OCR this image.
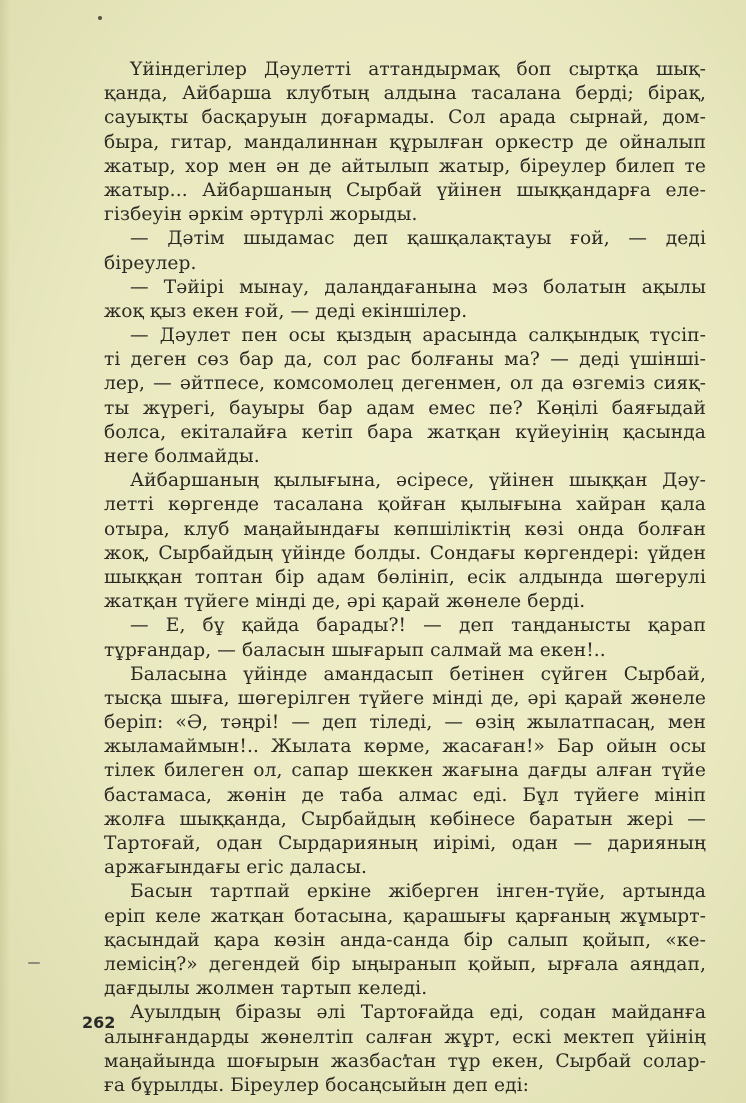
Үйіндегілер Дәулетті аттандырмақ боп сыртқа шық-
қанда, Айбарша клубтың алдына тасалана берді; бірақ,
сауықты басқаруын доғармады. Сол арада сырнай, дом-
быра, гитар, мандалиннан құрылған оркестр де ойналып
жатыр, хор мен ән де айтылып жатыр, біреулер билеп те
жатыр... Айбаршаның Сырбай үйінен шыққандарға еле-
гізбеуін әркім әртүрлі жорыды.
— Дәтім шыдамас деп қашқалақтауы ғой, — деді
біреулер.
— Тәйірі мынау, далаңдағанына мәз болатын ақылы
жоқ қыз екен ғой, — деді екіншілер.
— Дәулет пен осы қыздың арасында салқындық түсіп-
ті деген сөз бар да, сол рас болғаны ма? — деді үшінші-
лер, — әйтпесе, комсомолец дегенмен, ол да өзгеміз сияқ-
ты жүрегі, бауыры бар адам емес пе? Көңілі баяғыдай
болса, екіталайға кетіп бара жатқан күйеуінің қасында
неге болмайды.
Айбаршаның қылығына, әсіресе, үйінен шыққан Дәу-
летті көргенде тасалана қойған қылығына хайран қала
отыра, клуб маңайындағы көпшіліктің көзі онда болған
жоқ, Сырбайдың үйінде болды. Сондағы көргендері: үйден
шыққан топтан бір адам бөлініп, есік алдында шөгерулі
жатқан түйеге мінді де, әрі қарай жөнеле берді.
— Е, бұ қайда барады?! — деп таңданысты қарап
тұрғандар, — баласын шығарып салмай ма екен!..
Баласына үйінде амандасып бетінен сүйген Сырбай,
тысқа шыға, шөгерілген түйеге мінді де, әрі қарай жөнеле
беріп: «Ә, тәңрі! — деп тіледі, — өзің жылатпасаң, мен
жыламаймын!.. Жылата көрме, жасаған!» Бар ойын осы
тілек билеген ол, сапар шеккен жағына дағды алған түйе
бастамаса, жөнін де таба алмас еді. Бұл түйеге мініп
жолға шыққанда, Сырбайдың көбінесе баратын жері —
Тартоғай, одан Сырдарияның иірімі, одан — дарияның
аржағындағы егіс даласы.
Басын тартпай еркіне жіберген інген-түйе, артында
еріп келе жатқан ботасына, қарашығы қарғаның жұмырт-
қасындай қара көзін анда-санда бір салып қойып, «ке-
лемісің?» дегендей бір ыңыранып қойып, ырғала аяңдап,
дағдылы жолмен тартып келеді.
Ауылдың біразы әлі Тартоғайда еді, содан майданға
алынғандарды жөнелтіп салған жұрт, ескі мектеп үйінің
маңайында шоғырын жазбастан тұр екен, Сырбай солар-
ға бұрылды. Біреулер босаңсыйын деп еді:
262
